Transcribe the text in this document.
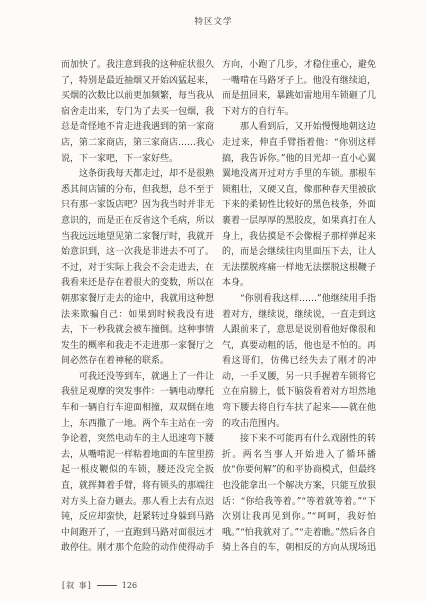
特区文学

而加快了。我注意到我的这种症状很久了，特别是最近抽烟又开始凶猛起来，买烟的次数比以前更加频繁，每当我从宿舍走出来，专门为了去买一包烟，我总是奇怪地不肯走进我遇到的第一家商店，第二家商店，第三家商店……我心说，下一家吧，下一家好些。

这条街我每天都走过，却不是很熟悉其间店铺的分布，但我想，总不至于只有那一家饭店吧？因为我当时并非无意识的，而是正在反省这个毛病，所以当我远远地望见第二家餐厅时，我就开始意识到，这一次我是非进去不可了。不过，对于实际上我会不会走进去，在我看来还是存在着很大的变数，所以在朝那家餐厅走去的途中，我就用这种想法来欺骗自己：如果到时候我没有进去，下一秒我就会被车撞倒。这种事情发生的概率和我走不走进那一家餐厅之间必然存在着神秘的联系。

可我还没等到车，就遇上了一件让我驻足观摩的突发事件：一辆电动摩托车和一辆自行车迎面相撞，双双倒在地上，东西撒了一地。两个车主站在一旁争论着，突然电动车的主人迅速弯下腰去，从嘴啃泥一样粘着地面的车筐里捞起一根皮鞭似的车锁，腰还没完全扳直，就挥舞着手臂，将有锁头的那端往对方头上奋力砸去。那人看上去有点迟钝，反应却蛮快，赶紧转过身躲到马路中间跑开了，一直跑到马路对面很远才敢停住。刚才那个危险的动作使得动手

方向，小跑了几步，才稳住重心，避免一嘴啃在马路牙子上。他没有继续追，而是扭回来，暴跳如雷地用车锁砸了几下对方的自行车。

那人看到后，又开始慢慢地朝这边走过来，伸直手臂指着他：“你别这样搞，我告诉你。”他的目光却一直小心翼翼地没离开过对方手里的车锁。那根车锁粗壮，又硬又直，像那种春天里被砍下来的柔韧性比较好的黑色枝条，外面裹着一层厚厚的黑胶皮，如果真打在人身上，我估摸是不会像棍子那样弹起来的，而是会继续往肉里面压下去，让人无法摆脱疼痛一样地无法摆脱这根鞭子本身。

“你别看我这样……”他继续用手指着对方，继续说，继续说，一直走到这人跟前来了，意思是说别看他好像很和气，真要动粗的话，他也是不怕的。再看这哥们，仿佛已经失去了刚才的冲动，一手叉腰，另一只手握着车锁将它立在肩膀上，低下脑袋看着对方坦然地弯下腰去将自行车扶了起来——就在他的攻击范围内。

接下来不可能再有什么戏剧性的转折。两名当事人开始进入了循环播放“你要何解”的和平协商模式，但最终也没能拿出一个解决方案，只能互放狠话：“你给我等着。”“等着就等着。”“下次别让我再见到你。”“呵呵，我好怕哦。”“怕我就对了。”“走着瞧。”然后各自骑上各自的车，朝相反的方向从现场迅

[叙 事]	126
